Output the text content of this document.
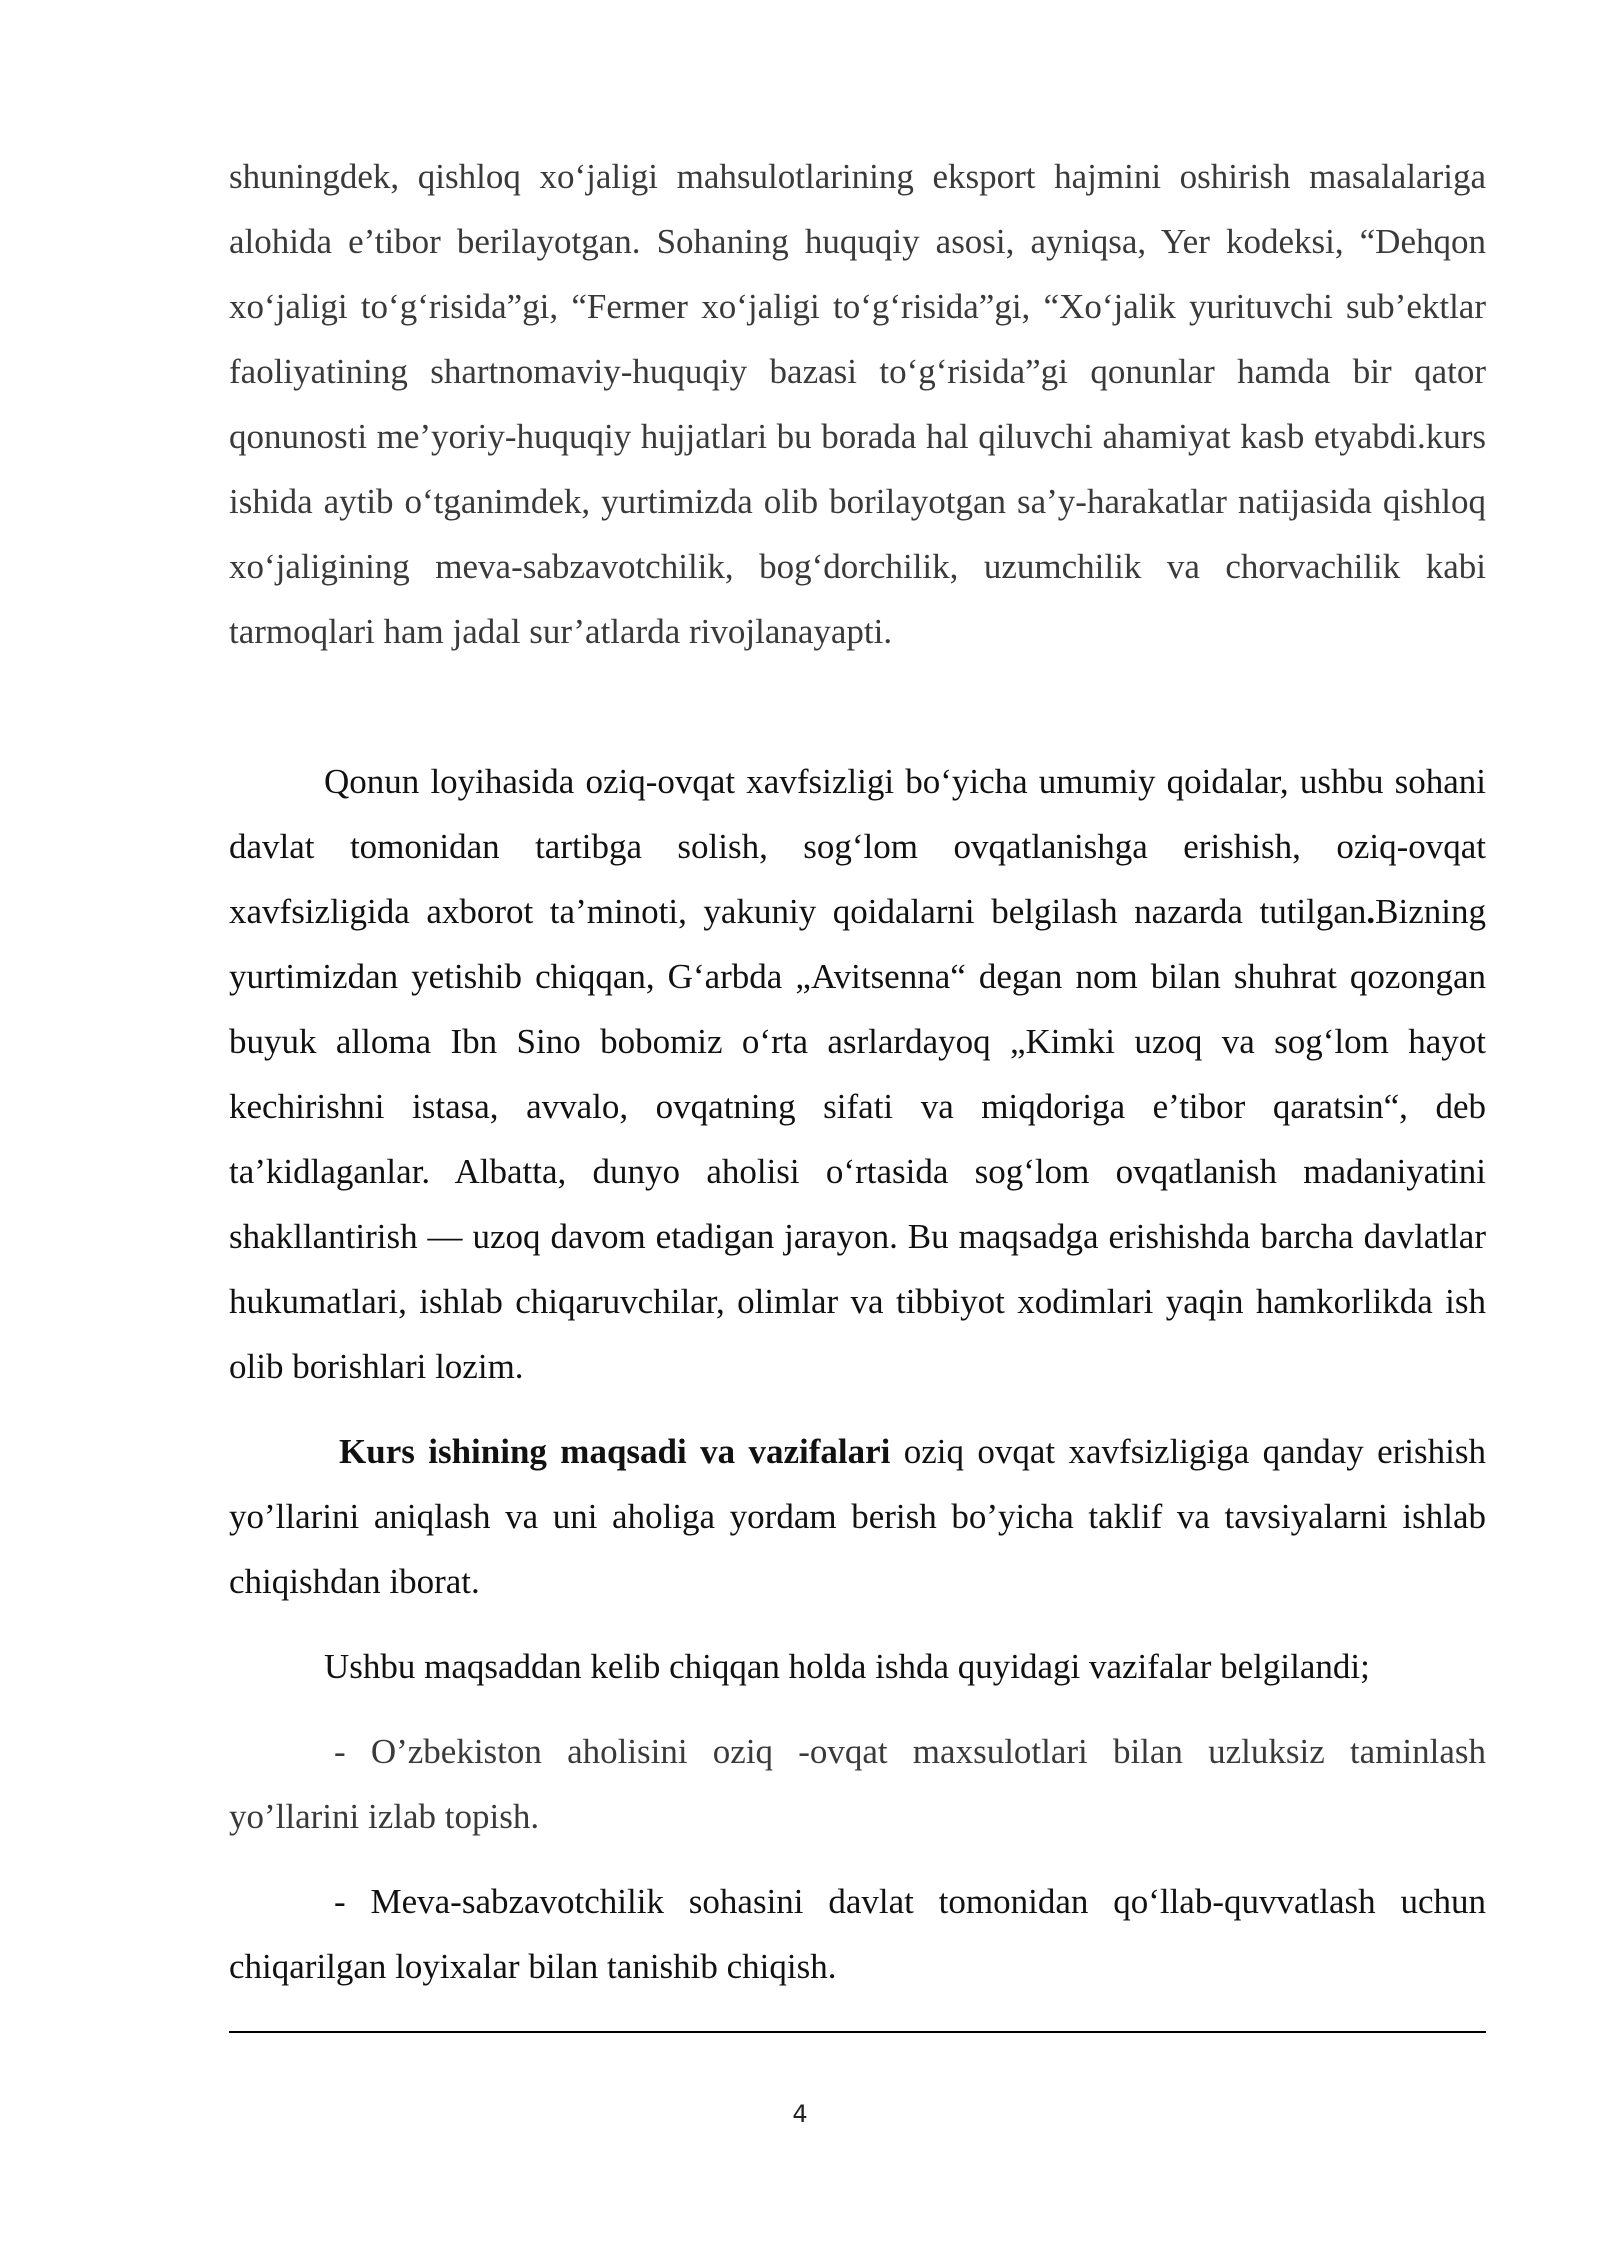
shuningdek, qishloq xo‘jaligi mahsulotlarining eksport hajmini oshirish masalalariga alohida e’tibor berilayotgan. Sohaning huquqiy asosi, ayniqsa, Yer kodeksi, “Dehqon xo‘jaligi to‘g‘risida”gi, “Fermer xo‘jaligi to‘g‘risida”gi, “Xo‘jalik yurituvchi sub’ektlar faoliyatining shartnomaviy-huquqiy bazasi to‘g‘risida”gi qonunlar hamda bir qator qonunosti me’yoriy-huquqiy hujjatlari bu borada hal qiluvchi ahamiyat kasb etyabdi.kurs ishida aytib o‘tganimdek, yurtimizda olib borilayotgan sa’y-harakatlar natijasida qishloq xo‘jaligining meva-sabzavotchilik, bog‘dorchilik, uzumchilik va chorvachilik kabi tarmoqlari ham jadal sur’atlarda rivojlanayapti.

Qonun loyihasida oziq-ovqat xavfsizligi bo‘yicha umumiy qoidalar, ushbu sohani davlat tomonidan tartibga solish, sog‘lom ovqatlanishga erishish, oziq-ovqat xavfsizligida axborot ta’minoti, yakuniy qoidalarni belgilash nazarda tutilgan.Bizning yurtimizdan yetishib chiqqan, G‘arbda „Avitsenna“ degan nom bilan shuhrat qozongan buyuk alloma Ibn Sino bobomiz o‘rta asrlardayoq „Kimki uzoq va sog‘lom hayot kechirishni istasa, avvalo, ovqatning sifati va miqdoriga e’tibor qaratsin“, deb ta’kidlaganlar. Albatta, dunyo aholisi o‘rtasida sog‘lom ovqatlanish madaniyatini shakllantirish — uzoq davom etadigan jarayon. Bu maqsadga erishishda barcha davlatlar hukumatlari, ishlab chiqaruvchilar, olimlar va tibbiyot xodimlari yaqin hamkorlikda ish olib borishlari lozim.

Kurs ishining maqsadi va vazifalari oziq ovqat xavfsizligiga qanday erishish yo’llarini aniqlash va uni aholiga yordam berish bo’yicha taklif va tavsiyalarni ishlab chiqishdan iborat.

Ushbu maqsaddan kelib chiqqan holda ishda quyidagi vazifalar belgilandi;

- O’zbekiston aholisini oziq -ovqat maxsulotlari bilan uzluksiz taminlash yo’llarini izlab topish.

- Meva-sabzavotchilik sohasini davlat tomonidan qo‘llab-quvvatlash uchun chiqarilgan loyixalar bilan tanishib chiqish.

4
